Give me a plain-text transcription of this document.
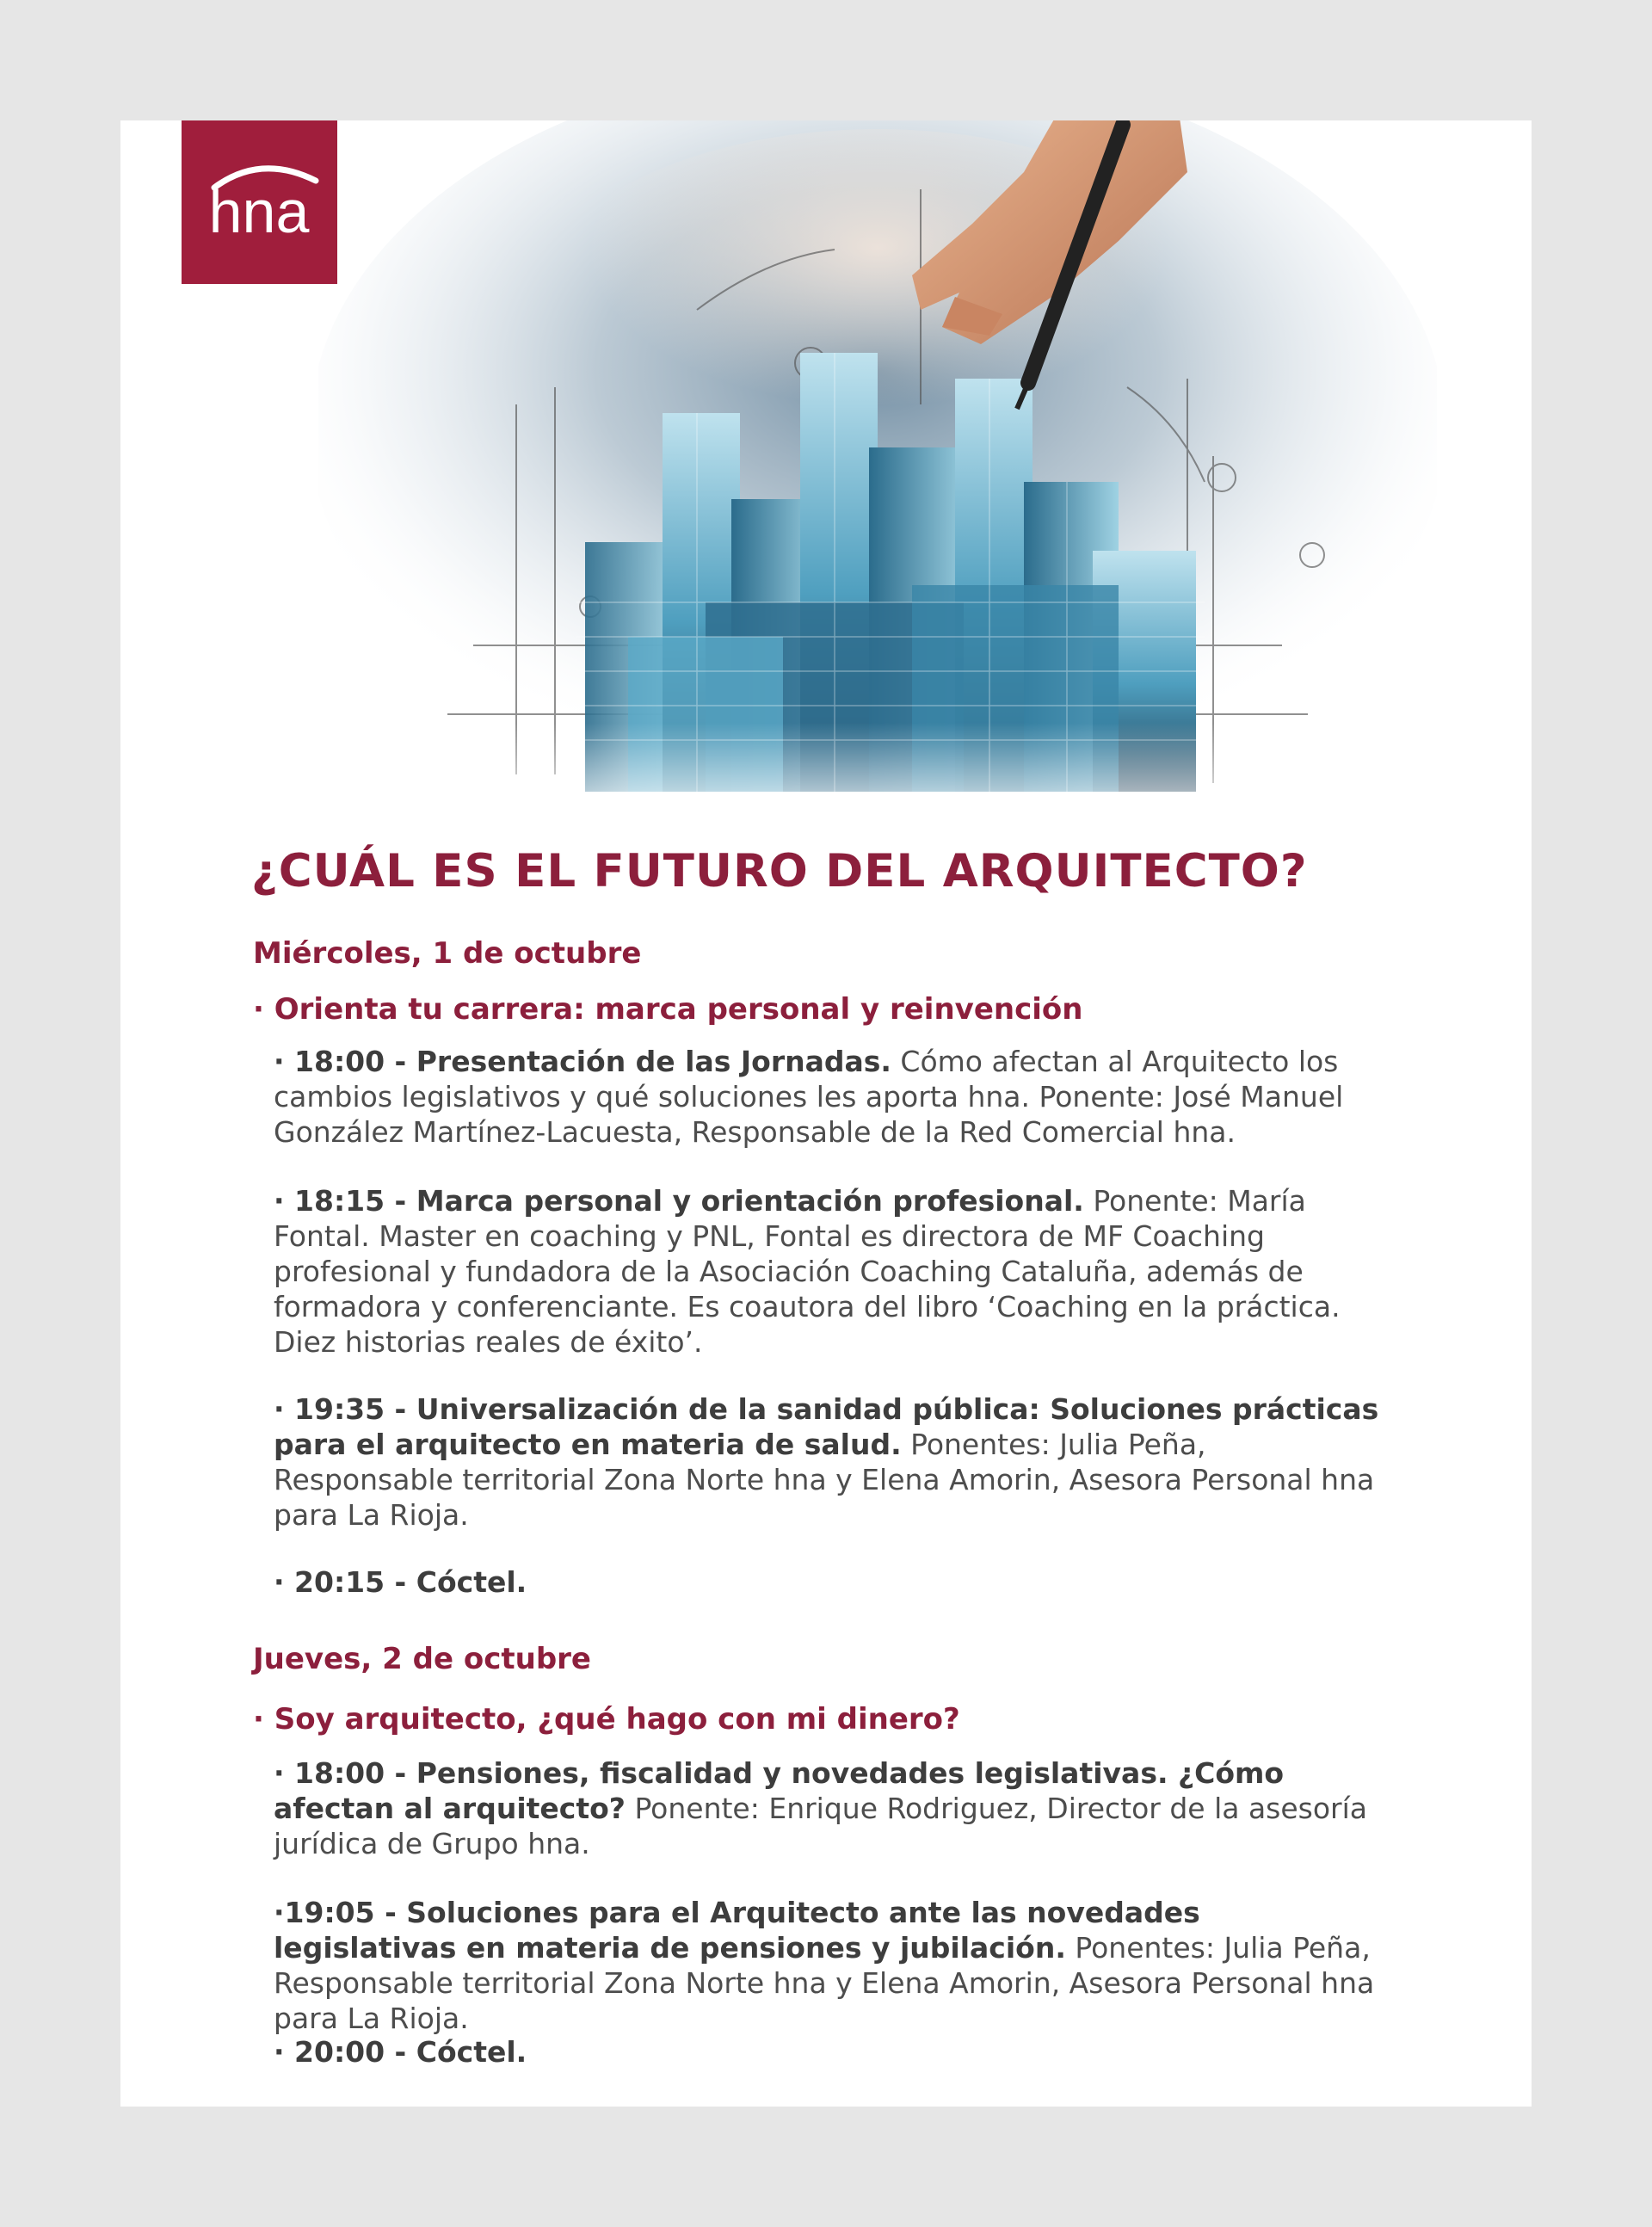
hna
¿CUÁL ES EL FUTURO DEL ARQUITECTO?
Miércoles, 1 de octubre
· Orienta tu carrera: marca personal y reinvención
· 18:00 - Presentación de las Jornadas. Cómo afectan al Arquitecto los cambios legislativos y qué soluciones les aporta hna. Ponente: José Manuel González Martínez-Lacuesta, Responsable de la Red Comercial hna.
· 18:15 - Marca personal y orientación profesional. Ponente: María Fontal. Master en coaching y PNL, Fontal es directora de MF Coaching profesional y fundadora de la Asociación Coaching Cataluña, además de formadora y conferenciante. Es coautora del libro ‘Coaching en la práctica. Diez historias reales de éxito’.
· 19:35 - Universalización de la sanidad pública: Soluciones prácticas para el arquitecto en materia de salud. Ponentes: Julia Peña, Responsable territorial Zona Norte hna y Elena Amorin, Asesora Personal hna para La Rioja.
· 20:15 - Cóctel.
Jueves, 2 de octubre
· Soy arquitecto, ¿qué hago con mi dinero?
· 18:00 - Pensiones, fiscalidad y novedades legislativas. ¿Cómo afectan al arquitecto? Ponente: Enrique Rodriguez, Director de la asesoría jurídica de Grupo hna.
·19:05 - Soluciones para el Arquitecto ante las novedades legislativas en materia de pensiones y jubilación. Ponentes: Julia Peña, Responsable territorial Zona Norte hna y Elena Amorin, Asesora Personal hna para La Rioja.
· 20:00 - Cóctel.
